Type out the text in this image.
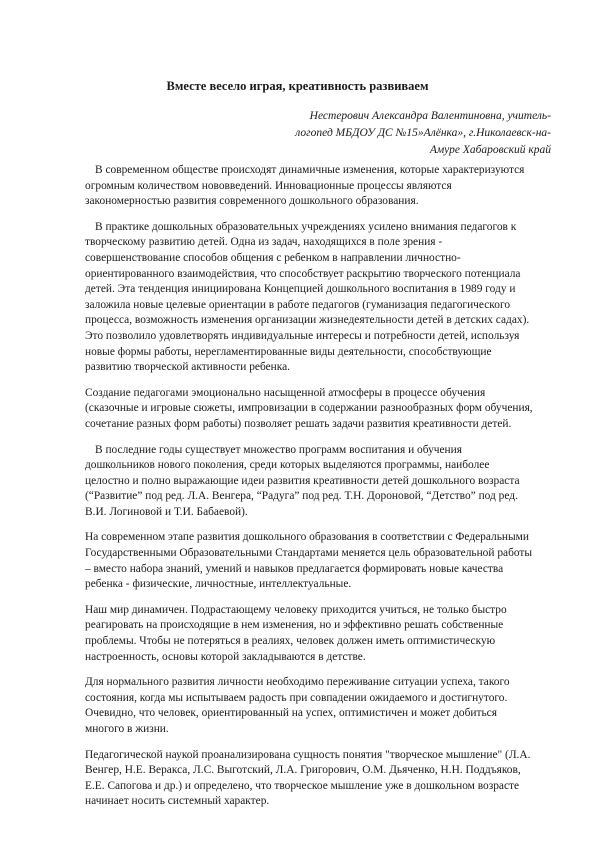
Вместе весело играя, креативность развиваем
Нестерович Александра Валентиновна, учитель-
логопед МБДОУ ДС №15»Алёнка», г.Николаевск-на-
Амуре Хабаровский край

В современном обществе происходят динамичные изменения, которые характеризуются
огромным количеством нововведений. Инновационные процессы являются
закономерностью развития современного дошкольного образования.

В практике дошкольных образовательных учреждениях усилено внимания педагогов к
творческому развитию детей. Одна из задач, находящихся в поле зрения -
совершенствование способов общения с ребенком в направлении личностно-
ориентированного взаимодействия, что способствует раскрытию творческого потенциала
детей. Эта тенденция инициирована Концепцией дошкольного воспитания в 1989 году и
заложила новые целевые ориентации в работе педагогов (гуманизация педагогического
процесса, возможность изменения организации жизнедеятельности детей в детских садах).
Это позволило удовлетворять индивидуальные интересы и потребности детей, используя
новые формы работы, нерегламентированные виды деятельности, способствующие
развитию творческой активности ребенка.

Создание педагогами эмоционально насыщенной атмосферы в процессе обучения
(сказочные и игровые сюжеты, импровизации в содержании разнообразных форм обучения,
сочетание разных форм работы) позволяет решать задачи развития креативности детей.

В последние годы существует множество программ воспитания и обучения
дошкольников нового поколения, среди которых выделяются программы, наиболее
целостно и полно выражающие идеи развития креативности детей дошкольного возраста
(“Развитие” под ред. Л.А. Венгера, “Радуга” под ред. Т.Н. Дороновой, “Детство” под ред.
В.И. Логиновой и Т.И. Бабаевой).

На современном этапе развития дошкольного образования в соответствии с Федеральными
Государственными Образовательными Стандартами меняется цель образовательной работы
– вместо набора знаний, умений и навыков предлагается формировать новые качества
ребенка - физические, личностные, интеллектуальные.

Наш мир динамичен. Подрастающему человеку приходится учиться, не только быстро
реагировать на происходящие в нем изменения, но и эффективно решать собственные
проблемы. Чтобы не потеряться в реалиях, человек должен иметь оптимистическую
настроенность, основы которой закладываются в детстве.

Для нормального развития личности необходимо переживание ситуации успеха, такого
состояния, когда мы испытываем радость при совпадении ожидаемого и достигнутого.
Очевидно, что человек, ориентированный на успех, оптимистичен и может добиться
многого в жизни.

Педагогической наукой проанализирована сущность понятия "творческое мышление" (Л.А.
Венгер, Н.Е. Веракса, Л.С. Выготский, Л.А. Григорович, О.М. Дьяченко, Н.Н. Поддъяков,
Е.Е. Сапогова и др.) и определено, что творческое мышление уже в дошкольном возрасте
начинает носить системный характер.
